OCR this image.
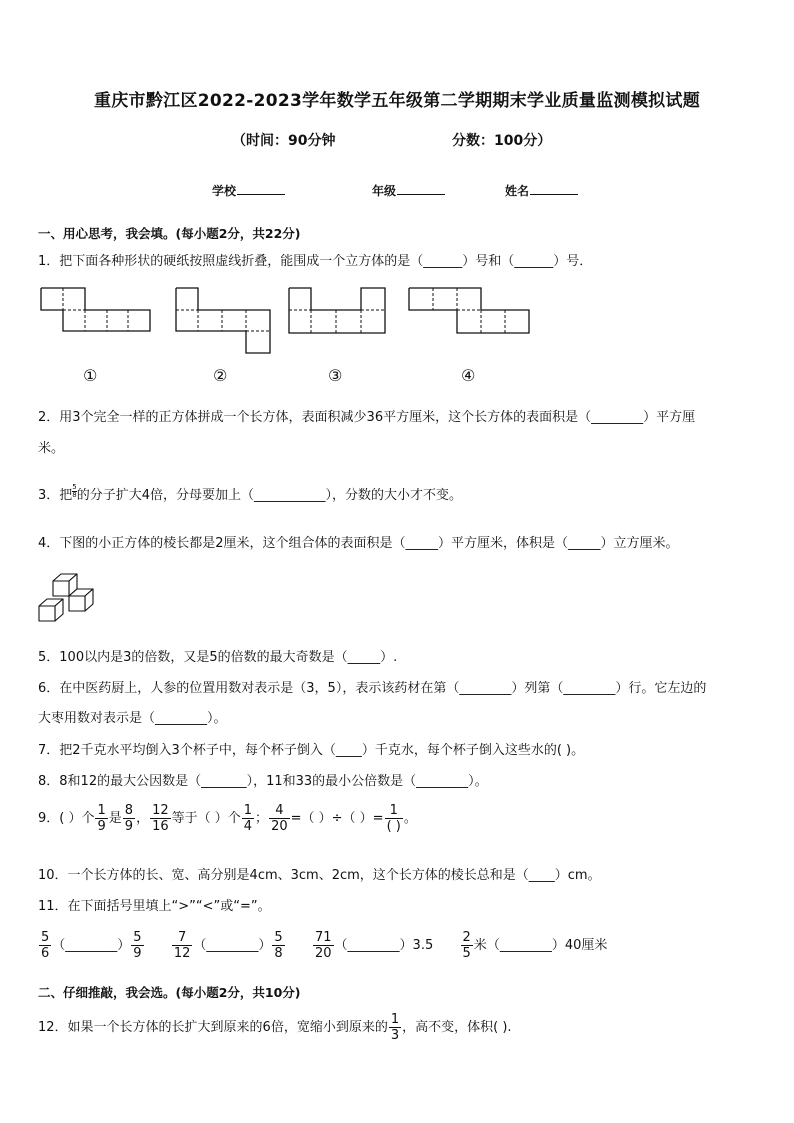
重庆市黔江区2022-2023学年数学五年级第二学期期末学业质量监测模拟试题
（时间：90分钟	分数：100分）
学校	年级	姓名
一、用心思考，我会填。(每小题2分，共22分)
1．把下面各种形状的硬纸按照虚线折叠，能围成一个立方体的是（______）号和（______）号．
①	②	③	④
2．用3个完全一样的正方体拼成一个长方体，表面积减少36平方厘米，这个长方体的表面积是（________）平方厘
米。
3．把 $\frac{5}{8}$ 的分子扩大4倍，分母要加上（___________），分数的大小才不变。
4．下图的小正方体的棱长都是2厘米，这个组合体的表面积是（_____）平方厘米，体积是（_____）立方厘米。
5．100以内是3的倍数，又是5的倍数的最大奇数是（_____）.
6．在中医药厨上，人参的位置用数对表示是（3，5），表示该药材在第（________）列第（________）行。它左边的
大枣用数对表示是（________）。
7．把2千克水平均倒入3个杯子中，每个杯子倒入（____）千克水，每个杯子倒入这些水的( )。
8．8和12的最大公因数是（_______），11和33的最小公倍数是（________）。
9．( ）个 $\frac{1}{9}$ 是 $\frac{8}{9}$ ， $\frac{12}{16}$ 等于（ ）个 $\frac{1}{4}$ ； $\frac{4}{20}$ =（ ）÷（ ）= $\frac{1}{( )}$ 。
10．一个长方体的长、宽、高分别是4cm、3cm、2cm，这个长方体的棱长总和是（____）cm。
11．在下面括号里填上“>”“<”或“=”。
$\frac{5}{6}$ （________） $\frac{5}{9}$
$\frac{7}{12}$ （________） $\frac{5}{8}$
$\frac{71}{20}$ （________）3.5 $\frac{2}{5}$ 米（________）40厘米
二、仔细推敲，我会选。(每小题2分，共10分)
12．如果一个长方体的长扩大到原来的6倍，宽缩小到原来的 $\frac{1}{3}$ ，高不变，体积( ).
